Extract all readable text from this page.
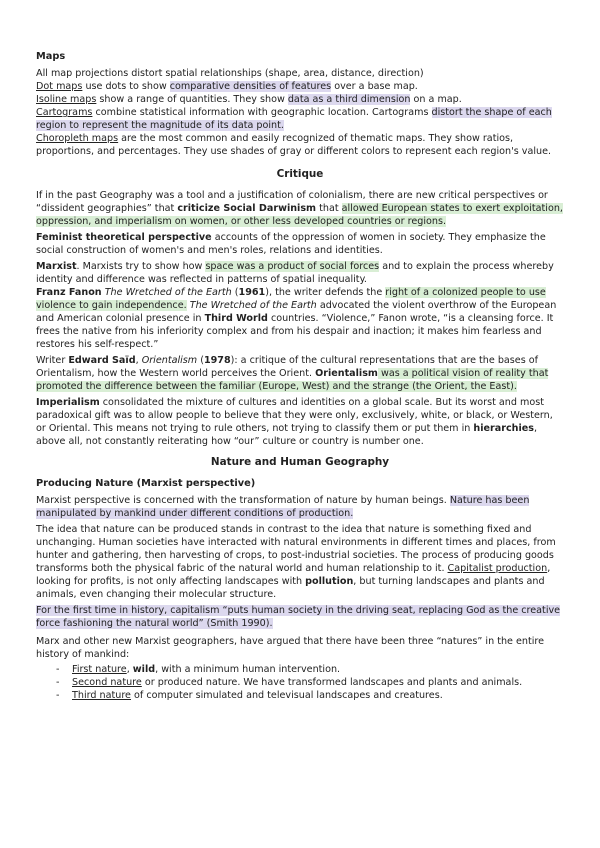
Maps

All map projections distort spatial relationships (shape, area, distance, direction)

Dot maps use dots to show comparative densities of features over a base map.

Isoline maps show a range of quantities. They show data as a third dimension on a map.

Cartograms combine statistical information with geographic location. Cartograms distort the shape of each region to represent the magnitude of its data point.

Choropleth maps are the most common and easily recognized of thematic maps. They show ratios, proportions, and percentages. They use shades of gray or different colors to represent each region's value.

Critique

If in the past Geography was a tool and a justification of colonialism, there are new critical perspectives or “dissident geographies” that criticize Social Darwinism that allowed European states to exert exploitation, oppression, and imperialism on women, or other less developed countries or regions.

Feminist theoretical perspective accounts of the oppression of women in society. They emphasize the social construction of women's and men's roles, relations and identities.

Marxist. Marxists try to show how space was a product of social forces and to explain the process whereby identity and difference was reflected in patterns of spatial inequality.

Franz Fanon The Wretched of the Earth (1961), the writer defends the right of a colonized people to use violence to gain independence. The Wretched of the Earth advocated the violent overthrow of the European and American colonial presence in Third World countries. “Violence,” Fanon wrote, “is a cleansing force. It frees the native from his inferiority complex and from his despair and inaction; it makes him fearless and restores his self-respect.”

Writer Edward Saïd, Orientalism (1978): a critique of the cultural representations that are the bases of Orientalism, how the Western world perceives the Orient. Orientalism was a political vision of reality that promoted the difference between the familiar (Europe, West) and the strange (the Orient, the East).

Imperialism consolidated the mixture of cultures and identities on a global scale. But its worst and most paradoxical gift was to allow people to believe that they were only, exclusively, white, or black, or Western, or Oriental. This means not trying to rule others, not trying to classify them or put them in hierarchies, above all, not constantly reiterating how “our” culture or country is number one.

Nature and Human Geography
Producing Nature (Marxist perspective)

Marxist perspective is concerned with the transformation of nature by human beings. Nature has been manipulated by mankind under different conditions of production.

The idea that nature can be produced stands in contrast to the idea that nature is something fixed and unchanging. Human societies have interacted with natural environments in different times and places, from hunter and gathering, then harvesting of crops, to post-industrial societies. The process of producing goods transforms both the physical fabric of the natural world and human relationship to it. Capitalist production, looking for profits, is not only affecting landscapes with pollution, but turning landscapes and plants and animals, even changing their molecular structure.

For the first time in history, capitalism “puts human society in the driving seat, replacing God as the creative force fashioning the natural world” (Smith 1990).

Marx and other new Marxist geographers, have argued that there have been three “natures” in the entire history of mankind:

- First nature, wild, with a minimum human intervention.
- Second nature or produced nature. We have transformed landscapes and plants and animals.
- Third nature of computer simulated and televisual landscapes and creatures.
